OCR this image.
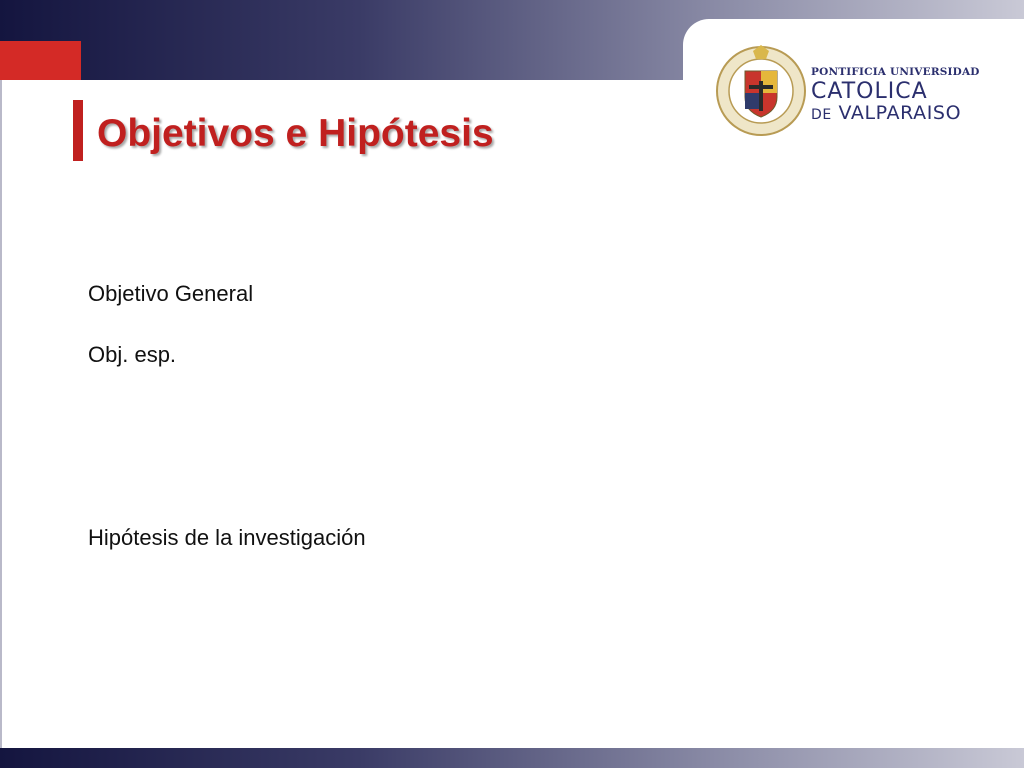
PONTIFICIA UNIVERSIDAD
CATOLICA
DE VALPARAISO
Objetivos e Hipótesis
Objetivo General
Obj. esp.
Hipótesis de la investigación
